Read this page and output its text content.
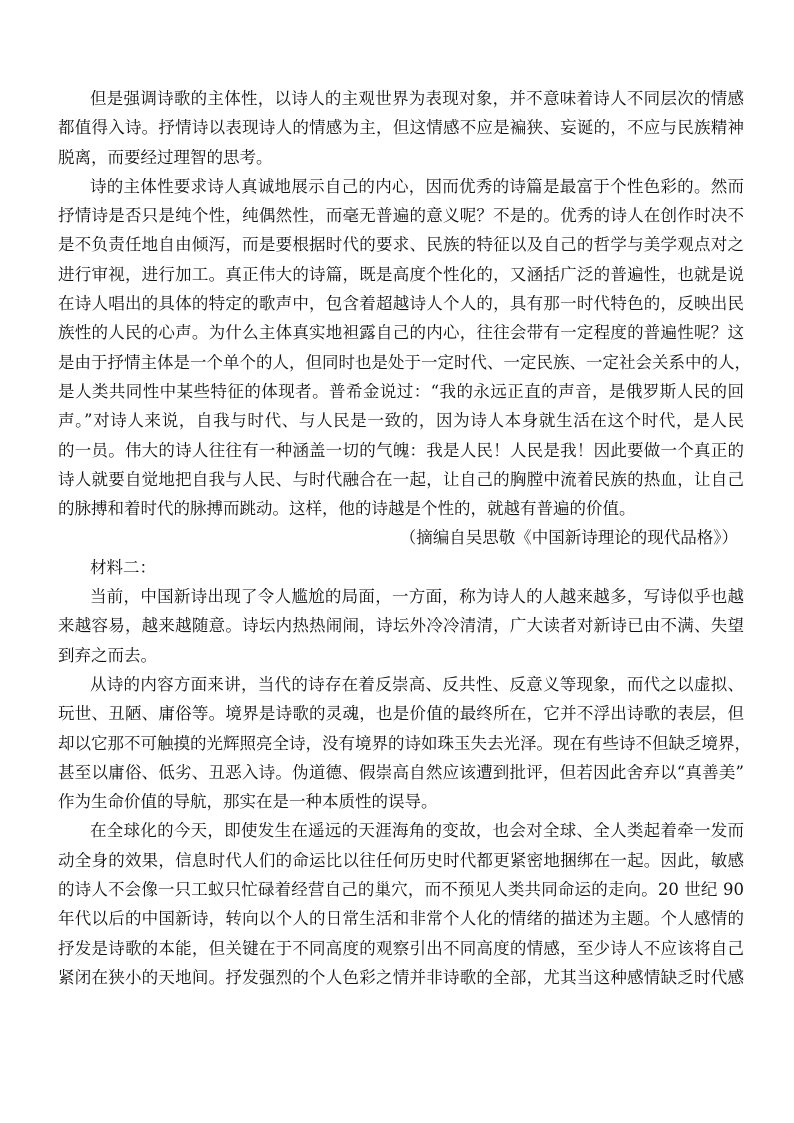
但是强调诗歌的主体性，以诗人的主观世界为表现对象，并不意味着诗人不同层次的情感
都值得入诗。抒情诗以表现诗人的情感为主，但这情感不应是褊狭、妄诞的，不应与民族精神
脱离，而要经过理智的思考。
诗的主体性要求诗人真诚地展示自己的内心，因而优秀的诗篇是最富于个性色彩的。然而
抒情诗是否只是纯个性，纯偶然性，而毫无普遍的意义呢？不是的。优秀的诗人在创作时决不
是不负责任地自由倾泻，而是要根据时代的要求、民族的特征以及自己的哲学与美学观点对之
进行审视，进行加工。真正伟大的诗篇，既是高度个性化的，又涵括广泛的普遍性，也就是说
在诗人唱出的具体的特定的歌声中，包含着超越诗人个人的，具有那一时代特色的，反映出民
族性的人民的心声。为什么主体真实地袒露自己的内心，往往会带有一定程度的普遍性呢？这
是由于抒情主体是一个单个的人，但同时也是处于一定时代、一定民族、一定社会关系中的人，
是人类共同性中某些特征的体现者。普希金说过：“我的永远正直的声音，是俄罗斯人民的回
声。”对诗人来说，自我与时代、与人民是一致的，因为诗人本身就生活在这个时代，是人民
的一员。伟大的诗人往往有一种涵盖一切的气魄：我是人民！人民是我！因此要做一个真正的
诗人就要自觉地把自我与人民、与时代融合在一起，让自己的胸膛中流着民族的热血，让自己
的脉搏和着时代的脉搏而跳动。这样，他的诗越是个性的，就越有普遍的价值。
（摘编自吴思敬《中国新诗理论的现代品格》）
材料二：
当前，中国新诗出现了令人尴尬的局面，一方面，称为诗人的人越来越多，写诗似乎也越
来越容易，越来越随意。诗坛内热热闹闹，诗坛外冷冷清清，广大读者对新诗已由不满、失望
到弃之而去。
从诗的内容方面来讲，当代的诗存在着反崇高、反共性、反意义等现象，而代之以虚拟、
玩世、丑陋、庸俗等。境界是诗歌的灵魂，也是价值的最终所在，它并不浮出诗歌的表层，但
却以它那不可触摸的光辉照亮全诗，没有境界的诗如珠玉失去光泽。现在有些诗不但缺乏境界，
甚至以庸俗、低劣、丑恶入诗。伪道德、假崇高自然应该遭到批评，但若因此舍弃以“真善美”
作为生命价值的导航，那实在是一种本质性的误导。
在全球化的今天，即使发生在遥远的天涯海角的变故，也会对全球、全人类起着牵一发而
动全身的效果，信息时代人们的命运比以往任何历史时代都更紧密地捆绑在一起。因此，敏感
的诗人不会像一只工蚁只忙碌着经营自己的巢穴，而不预见人类共同命运的走向。20 世纪 90
年代以后的中国新诗，转向以个人的日常生活和非常个人化的情绪的描述为主题。个人感情的
抒发是诗歌的本能，但关键在于不同高度的观察引出不同高度的情感，至少诗人不应该将自己
紧闭在狭小的天地间。抒发强烈的个人色彩之情并非诗歌的全部，尤其当这种感情缺乏时代感
